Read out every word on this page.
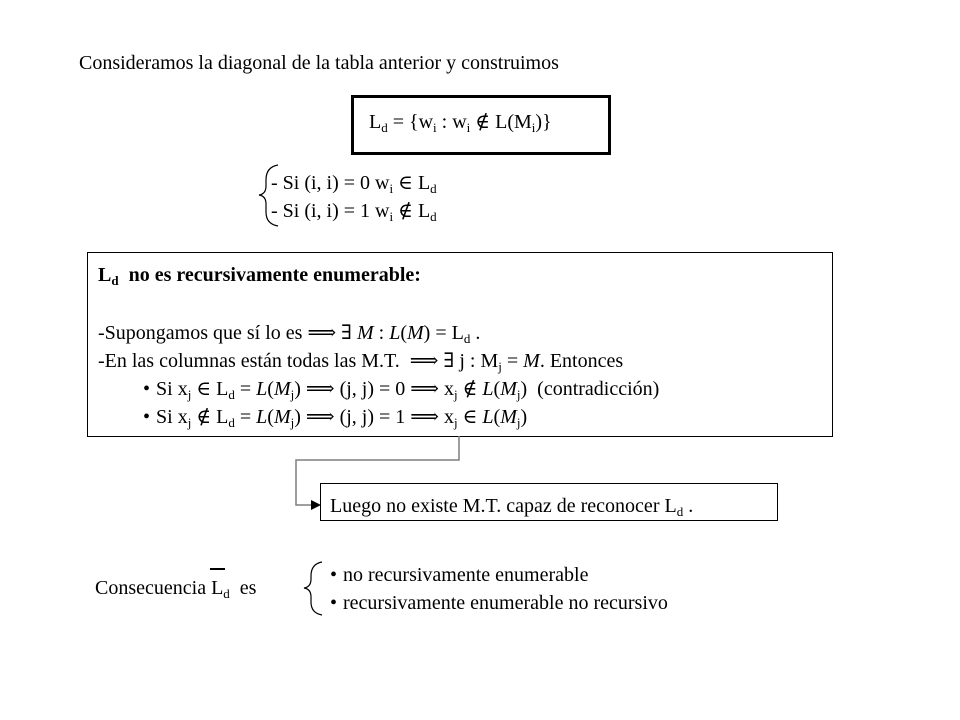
Consideramos la diagonal de la tabla anterior y construimos
$L_d = \{w_i$ : $w_i$ ∉ $L(M_i)$}
- Si (i, i) = 0 $w_i$ ∈ $L_d$
- Si (i, i) = 1 $w_i$ ∉ $L_d$
$L_d$ no es recursivamente enumerable:
-Supongamos que sí lo es ⟹ ∃ M : $L(M) = L_d$ .
-En las columnas están todas las M.T. ⟹ ∃ j : $M_j = M$. Entonces
• Si $x_j$ ∈ $L_d = L(M_j)$ ⟹ (j, j) = 0 ⟹ $x_j$ ∉ $L(M_j)$ (contradicción)
• Si $x_j$ ∉ $L_d = L(M_j)$ ⟹ (j, j) = 1 ⟹ $x_j$ ∈ $L(M_j)$
Luego no existe M.T. capaz de reconocer $L_d$ .
Consecuencia $L_d$ es
• no recursivamente enumerable
• recursivamente enumerable no recursivo
